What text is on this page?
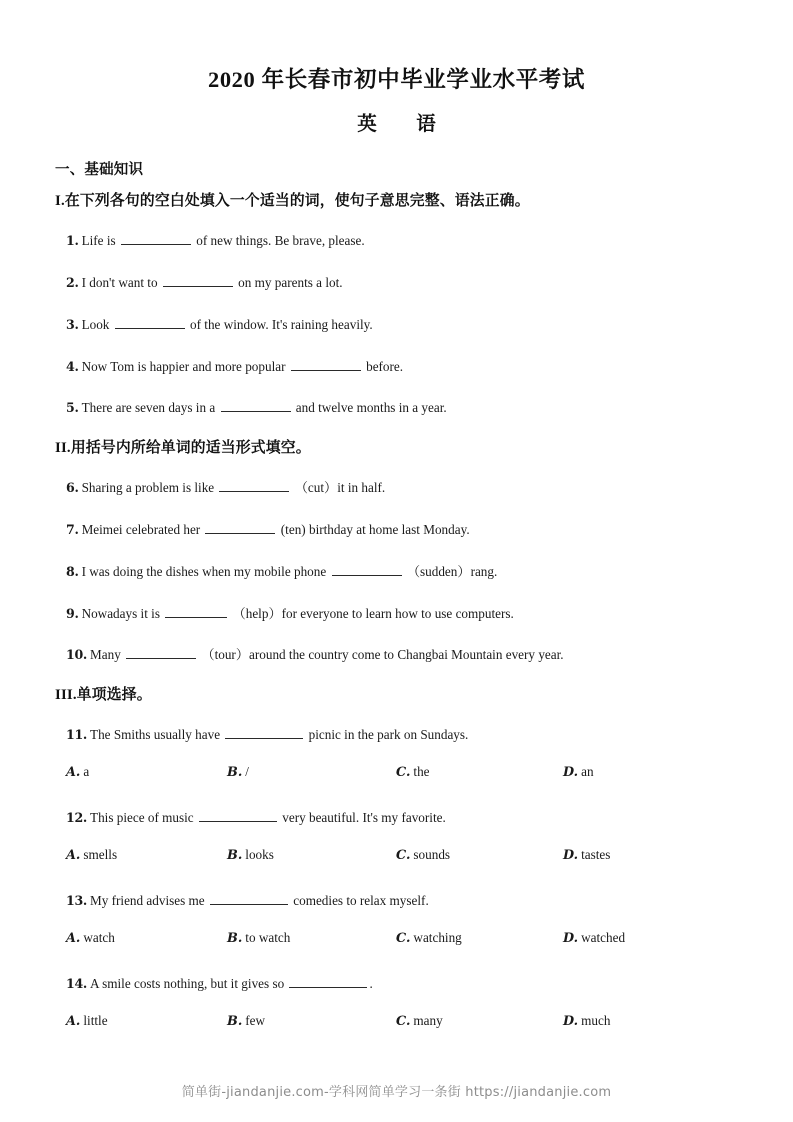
2020 年长春市初中毕业学业水平考试
英　语
一、基础知识
I.在下列各句的空白处填入一个适当的词，使句子意思完整、语法正确。
1. Life is	of new things. Be brave, please.
2. I don't want to	on my parents a lot.
3. Look	of the window. It's raining heavily.
4. Now Tom is happier and more popular	before.
5. There are seven days in a	and twelve months in a year.
II.用括号内所给单词的适当形式填空。
6. Sharing a problem is like	（cut）it in half.
7. Meimei celebrated her	(ten) birthday at home last Monday.
8. I was doing the dishes when my mobile phone	（sudden）rang.
9. Nowadays it is	（help）for everyone to learn how to use computers.
10. Many	（tour）around the country come to Changbai Mountain every year.
III.单项选择。
11. The Smiths usually have	picnic in the park on Sundays.
A. a	B. /	C. the	D. an
12. This piece of music	very beautiful. It's my favorite.
A. smells	B. looks	C. sounds	D. tastes
13. My friend advises me	comedies to relax myself.
A. watch	B. to watch	C. watching	D. watched
14. A smile costs nothing, but it gives so	.
A. little	B. few	C. many	D. much
简单街-jiandanjie.com-学科网简单学习一条街 https://jiandanjie.com
